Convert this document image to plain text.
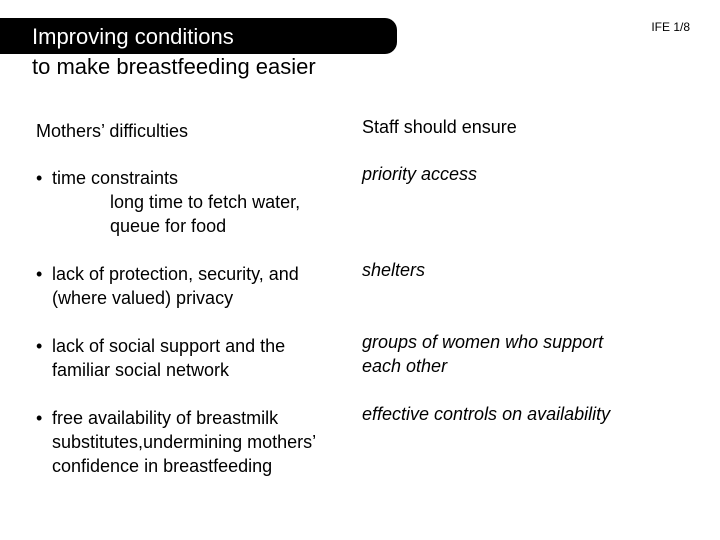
Improving conditions
to make breastfeeding easier
IFE 1/8
Mothers’ difficulties	Staff should ensure
• time constraints
long time to fetch water,
queue for food
priority access
• lack of protection, security, and
(where valued) privacy
shelters
• lack of social support and the
familiar social network
groups of women who support
each other
• free availability of breastmilk
substitutes,undermining mothers’
confidence in breastfeeding
effective controls on availability
